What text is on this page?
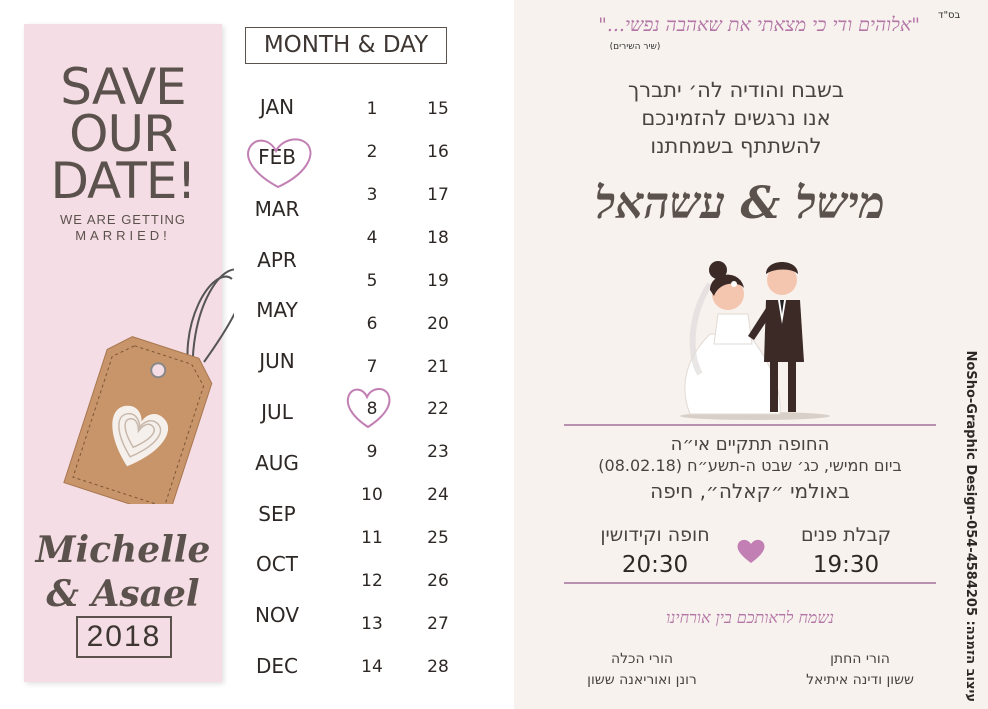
SAVE
OUR
DATE!
WE ARE GETTING
MARRIED!
Michelle
& Asael
2018
MONTH & DAY
JAN
FEB
MAR
APR
MAY
JUN
JUL
AUG
SEP
OCT
NOV
DEC
1
2
3
4
5
6
7
8
9
10
11
12
13
14
15
16
17
18
19
20
21
22
23
24
25
26
27
28
בס"ד
"אלוהים ודי כי מצאתי את שאהבה נפשי..."
(שיר השירים)
בשבח והודיה לה׳ יתברך
אנו נרגשים להזמינכם
להשתתף בשמחתנו
מישל & עשהאל
החופה תתקיים אי״ה
ביום חמישי, כג׳ שבט ה-תשע״ח (08.02.18)
באולמי ״קאלה״, חיפה
קבלת פנים
19:30
חופה וקידושין
20:30
נשמח לראותכם בין אורחינו
הורי החתן
ששון ודינה איתיאל
הורי הכלה
רונן ואוריאנה ששון
עיצוב הזמנה: NoSho-Graphic Design-054-4584205
